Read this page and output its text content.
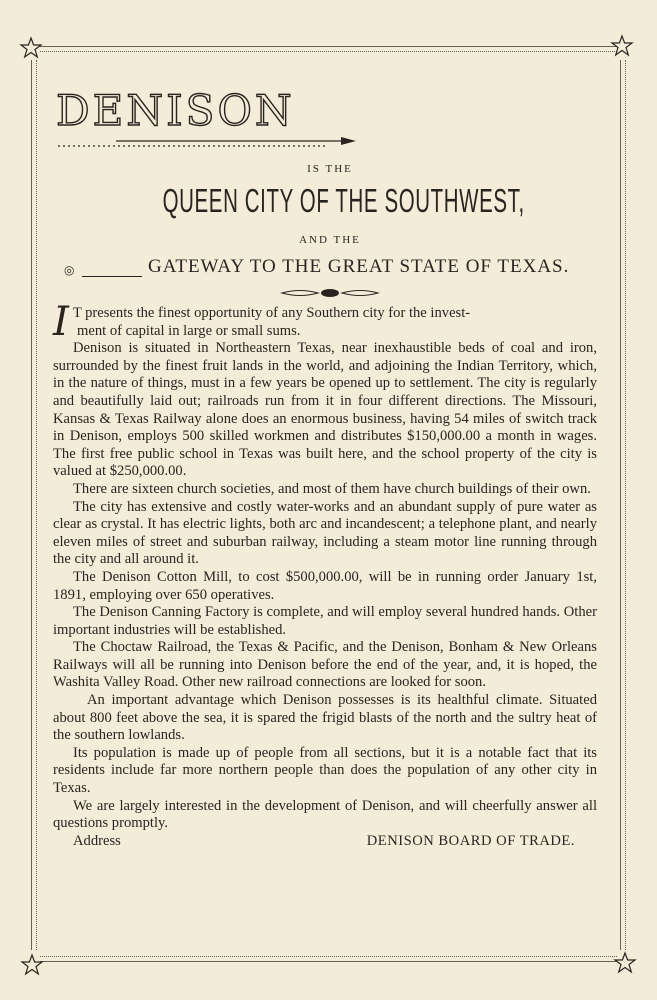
DENISON
IS THE
QUEEN CITY OF THE SOUTHWEST,
AND THE
◎	GATEWAY TO THE GREAT STATE OF TEXAS.

I T presents the finest opportunity of any Southern city for the invest-
ment of capital in large or small sums.

Denison is situated in Northeastern Texas, near inexhaustible beds of coal and iron, surrounded by the finest fruit lands in the world, and adjoining the Indian Territory, which, in the nature of things, must in a few years be opened up to settlement. The city is regularly and beautifully laid out; railroads run from it in four different directions. The Missouri, Kansas & Texas Railway alone does an enormous business, having 54 miles of switch track in Denison, employs 500 skilled workmen and distributes $150,000.00 a month in wages. The first free public school in Texas was built here, and the school property of the city is valued at $250,000.00.

There are sixteen church societies, and most of them have church buildings of their own.

The city has extensive and costly water-works and an abundant supply of pure water as clear as crystal. It has electric lights, both arc and incandescent; a telephone plant, and nearly eleven miles of street and suburban railway, including a steam motor line running through the city and all around it.

The Denison Cotton Mill, to cost $500,000.00, will be in running order January 1st, 1891, employing over 650 operatives.

The Denison Canning Factory is complete, and will employ several hundred hands. Other important industries will be established.

The Choctaw Railroad, the Texas & Pacific, and the Denison, Bonham & New Orleans Railways will all be running into Denison before the end of the year, and, it is hoped, the Washita Valley Road. Other new railroad connections are looked for soon.

An important advantage which Denison possesses is its healthful climate. Situated about 800 feet above the sea, it is spared the frigid blasts of the north and the sultry heat of the southern lowlands.

Its population is made up of people from all sections, but it is a notable fact that its residents include far more northern people than does the population of any other city in Texas.

We are largely interested in the development of Denison, and will cheerfully answer all questions promptly.

Address	DENISON BOARD OF TRADE.
